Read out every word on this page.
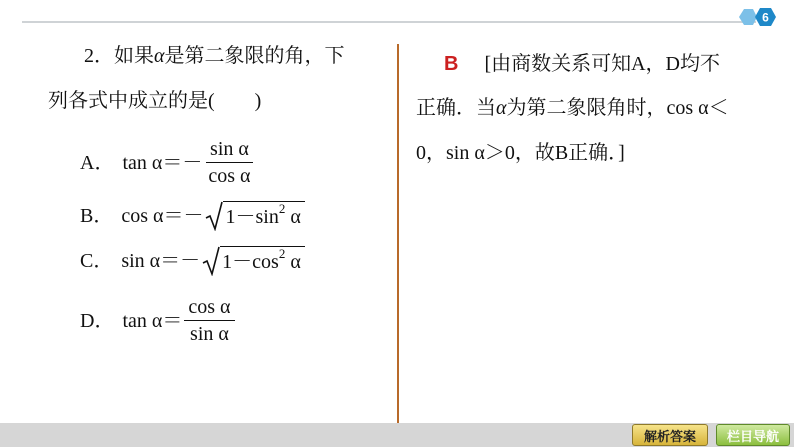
6
2．如果α是第二象限的角，下
列各式中成立的是(　　)
A． $\tan \alpha=- \frac{\text{sin α}}{\text{cos α}}$
B． $\cos \alpha=- 1-\sin^2$ α
C． $\sin \alpha=- 1-\cos^2$ α
D． $\tan \alpha= \frac{\text{cos α}}{\text{sin α}}$
B [由商数关系可知A，D均不
正确．当α为第二象限角时，cos α＜
0，sin α＞0，故B正确．]
解析答案	栏目导航
